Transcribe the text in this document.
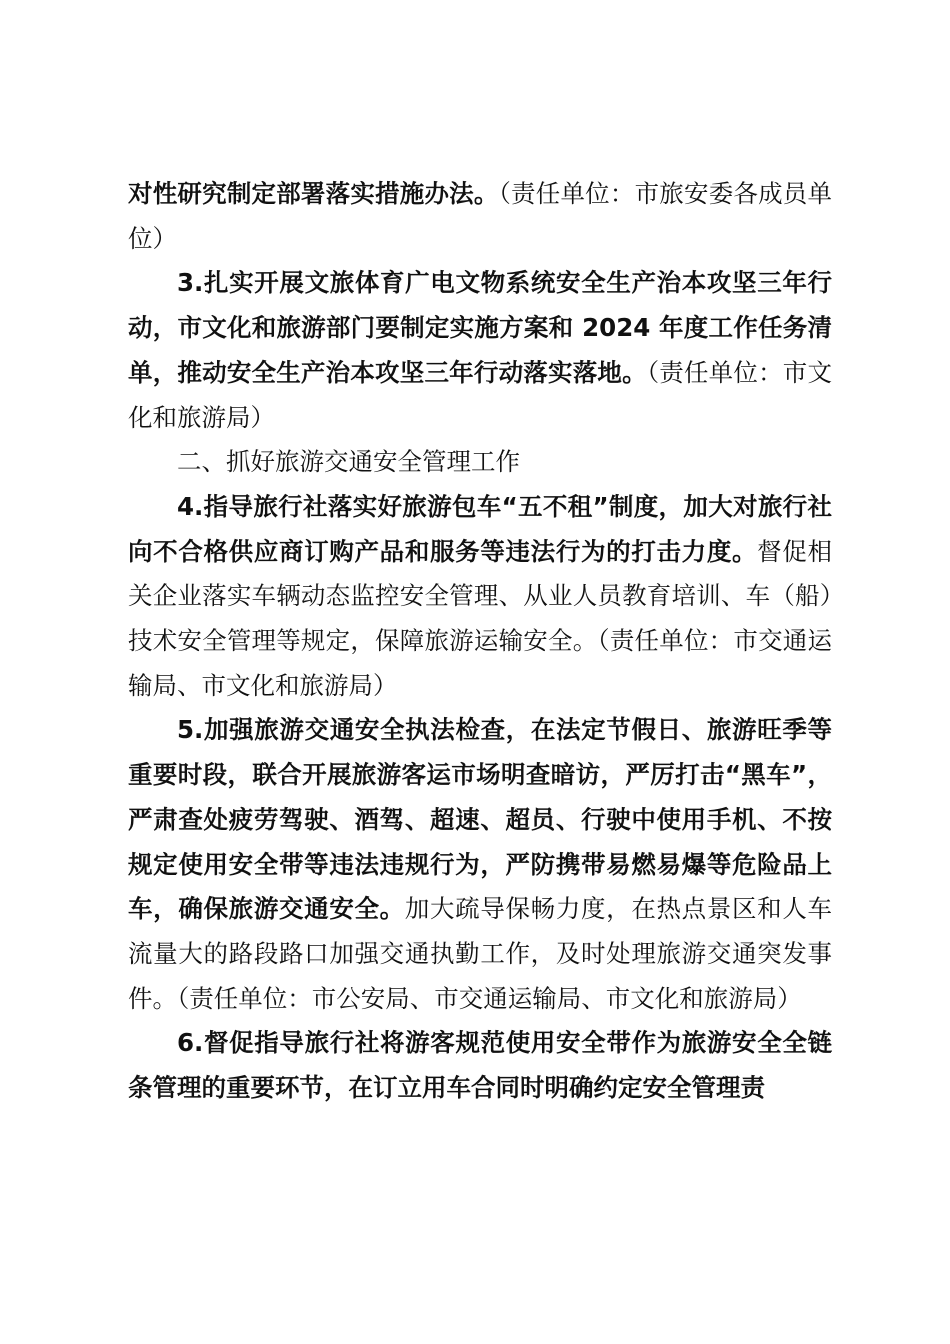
对性研究制定部署落实措施办法。（责任单位：市旅安委各成员单位）

3.扎实开展文旅体育广电文物系统安全生产治本攻坚三年行动，市文化和旅游部门要制定实施方案和 2024 年度工作任务清单，推动安全生产治本攻坚三年行动落实落地。（责任单位：市文化和旅游局）

二、抓好旅游交通安全管理工作

4.指导旅行社落实好旅游包车“五不租”制度，加大对旅行社向不合格供应商订购产品和服务等违法行为的打击力度。督促相关企业落实车辆动态监控安全管理、从业人员教育培训、车（船）技术安全管理等规定，保障旅游运输安全。（责任单位：市交通运输局、市文化和旅游局）

5.加强旅游交通安全执法检查，在法定节假日、旅游旺季等重要时段，联合开展旅游客运市场明查暗访，严厉打击“黑车”，严肃查处疲劳驾驶、酒驾、超速、超员、行驶中使用手机、不按规定使用安全带等违法违规行为，严防携带易燃易爆等危险品上车，确保旅游交通安全。加大疏导保畅力度，在热点景区和人车流量大的路段路口加强交通执勤工作，及时处理旅游交通突发事件。（责任单位：市公安局、市交通运输局、市文化和旅游局）

6.督促指导旅行社将游客规范使用安全带作为旅游安全全链条管理的重要环节，在订立用车合同时明确约定安全管理责
